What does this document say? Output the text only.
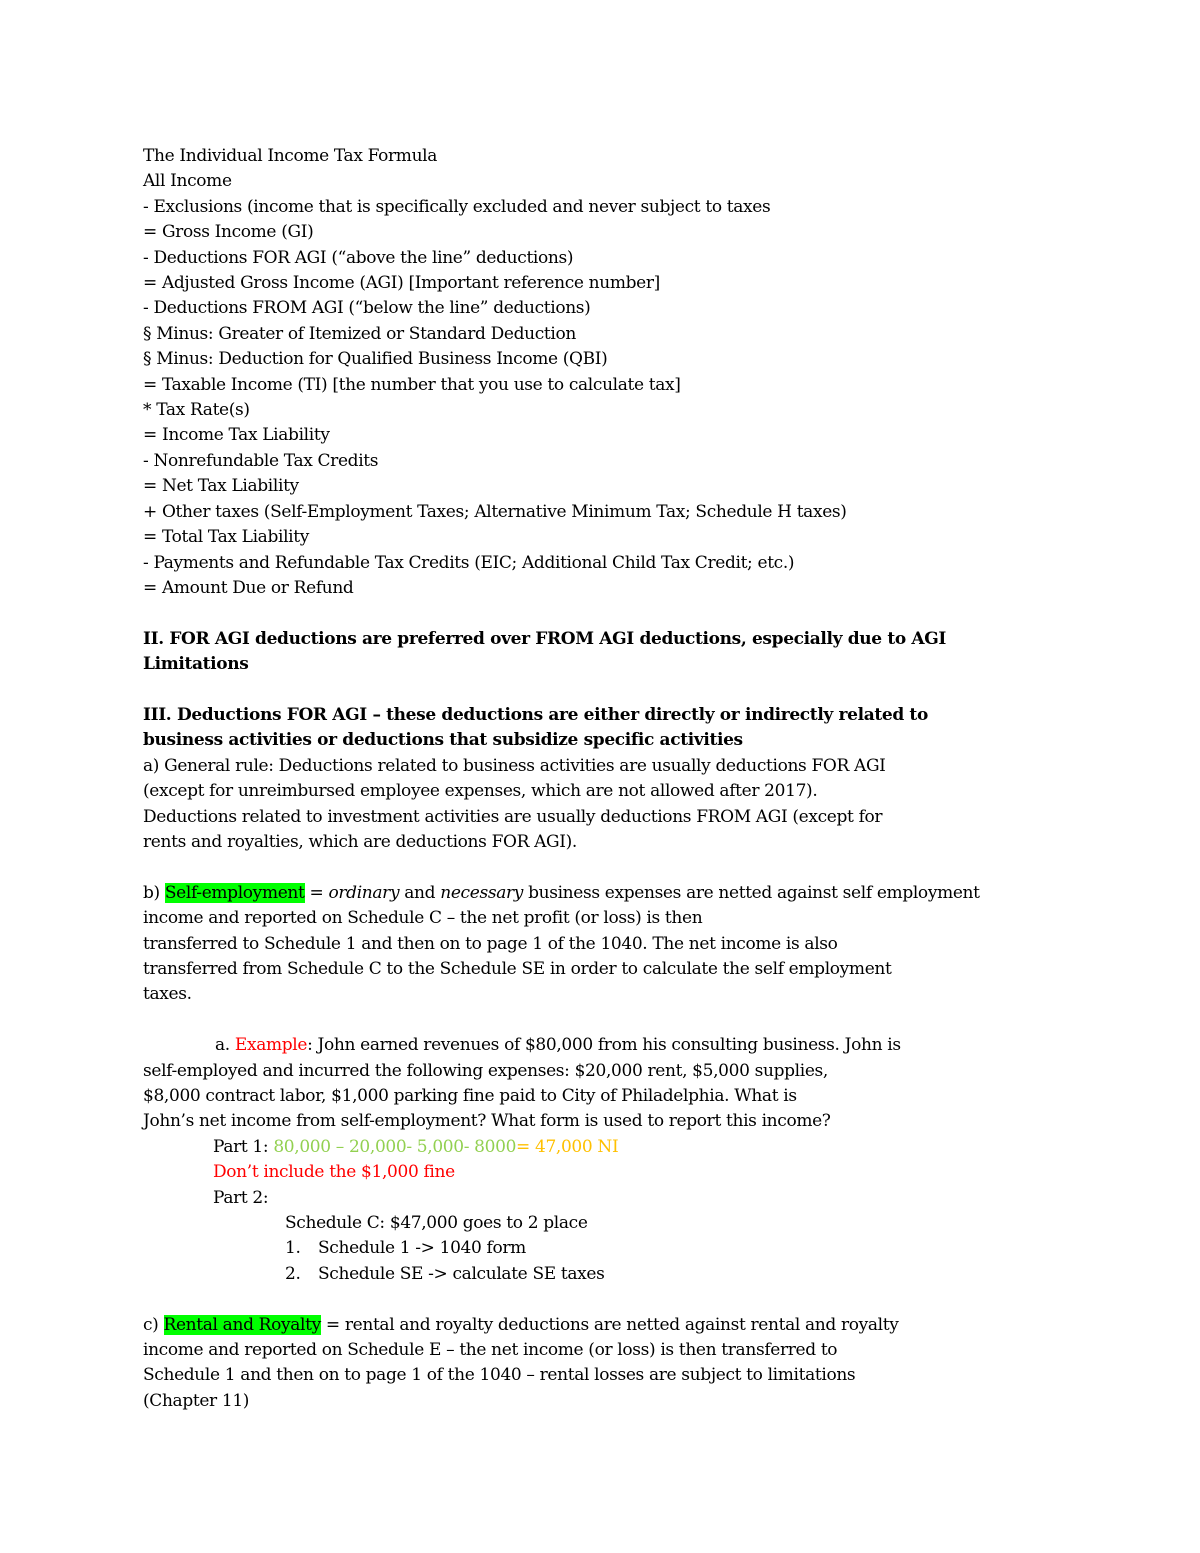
The Individual Income Tax Formula
All Income
- Exclusions (income that is specifically excluded and never subject to taxes
= Gross Income (GI)
- Deductions FOR AGI (“above the line” deductions)
= Adjusted Gross Income (AGI) [Important reference number]
- Deductions FROM AGI (“below the line” deductions)
§ Minus: Greater of Itemized or Standard Deduction
§ Minus: Deduction for Qualified Business Income (QBI)
= Taxable Income (TI) [the number that you use to calculate tax]
* Tax Rate(s)
= Income Tax Liability
- Nonrefundable Tax Credits
= Net Tax Liability
+ Other taxes (Self-Employment Taxes; Alternative Minimum Tax; Schedule H taxes)
= Total Tax Liability
- Payments and Refundable Tax Credits (EIC; Additional Child Tax Credit; etc.)
= Amount Due or Refund
II. FOR AGI deductions are preferred over FROM AGI deductions, especially due to AGI
Limitations
III. Deductions FOR AGI – these deductions are either directly or indirectly related to
business activities or deductions that subsidize specific activities
a) General rule: Deductions related to business activities are usually deductions FOR AGI
(except for unreimbursed employee expenses, which are not allowed after 2017).
Deductions related to investment activities are usually deductions FROM AGI (except for
rents and royalties, which are deductions FOR AGI).
b) Self-employment = ordinary and necessary business expenses are netted against self employment
income and reported on Schedule C – the net profit (or loss) is then
transferred to Schedule 1 and then on to page 1 of the 1040. The net income is also
transferred from Schedule C to the Schedule SE in order to calculate the self employment
taxes.
a. Example: John earned revenues of $80,000 from his consulting business. John is
self-employed and incurred the following expenses: $20,000 rent, $5,000 supplies,
$8,000 contract labor, $1,000 parking fine paid to City of Philadelphia. What is
John’s net income from self-employment? What form is used to report this income?
Part 1: 80,000 – 20,000- 5,000- 8000= 47,000 NI
Don’t include the $1,000 fine
Part 2:
Schedule C: $47,000 goes to 2 place
1. Schedule 1 -> 1040 form
2. Schedule SE -> calculate SE taxes
c) Rental and Royalty = rental and royalty deductions are netted against rental and royalty
income and reported on Schedule E – the net income (or loss) is then transferred to
Schedule 1 and then on to page 1 of the 1040 – rental losses are subject to limitations
(Chapter 11)
